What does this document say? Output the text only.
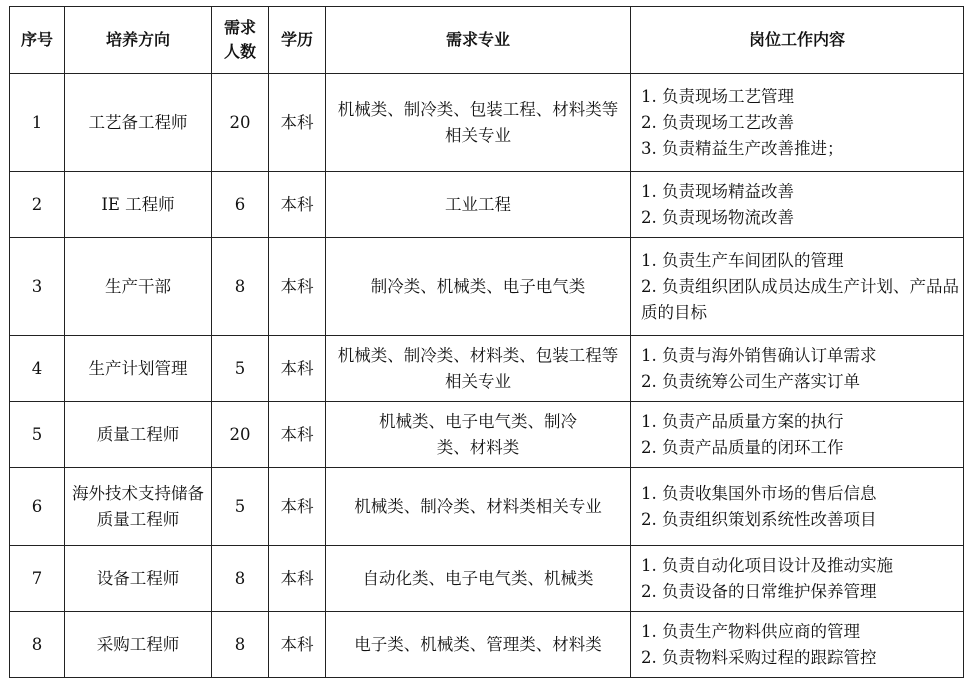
序号	培养方向	需求人数	学历	需求专业	岗位工作内容
1	工艺备工程师	20	本科	机械类、制冷类、包装工程、材料类等相关专业	1. 负责现场工艺管理
2. 负责现场工艺改善
3. 负责精益生产改善推进；

2	IE 工程师	6	本科	工业工程	1. 负责现场精益改善
2. 负责现场物流改善

3	生产干部	8	本科	制冷类、机械类、电子电气类	1. 负责生产车间团队的管理
2. 负责组织团队成员达成生产计划、产品品质的目标

4	生产计划管理	5	本科	机械类、制冷类、材料类、包装工程等相关专业	1. 负责与海外销售确认订单需求
2. 负责统筹公司生产落实订单

5	质量工程师	20	本科	机械类、电子电气类、制冷类、材料类	1. 负责产品质量方案的执行
2. 负责产品质量的闭环工作

6	海外技术支持储备质量工程师	5	本科	机械类、制冷类、材料类相关专业	1. 负责收集国外市场的售后信息
2. 负责组织策划系统性改善项目

7	设备工程师	8	本科	自动化类、电子电气类、机械类	1. 负责自动化项目设计及推动实施
2. 负责设备的日常维护保养管理

8	采购工程师	8	本科	电子类、机械类、管理类、材料类	1. 负责生产物料供应商的管理
2. 负责物料采购过程的跟踪管控
